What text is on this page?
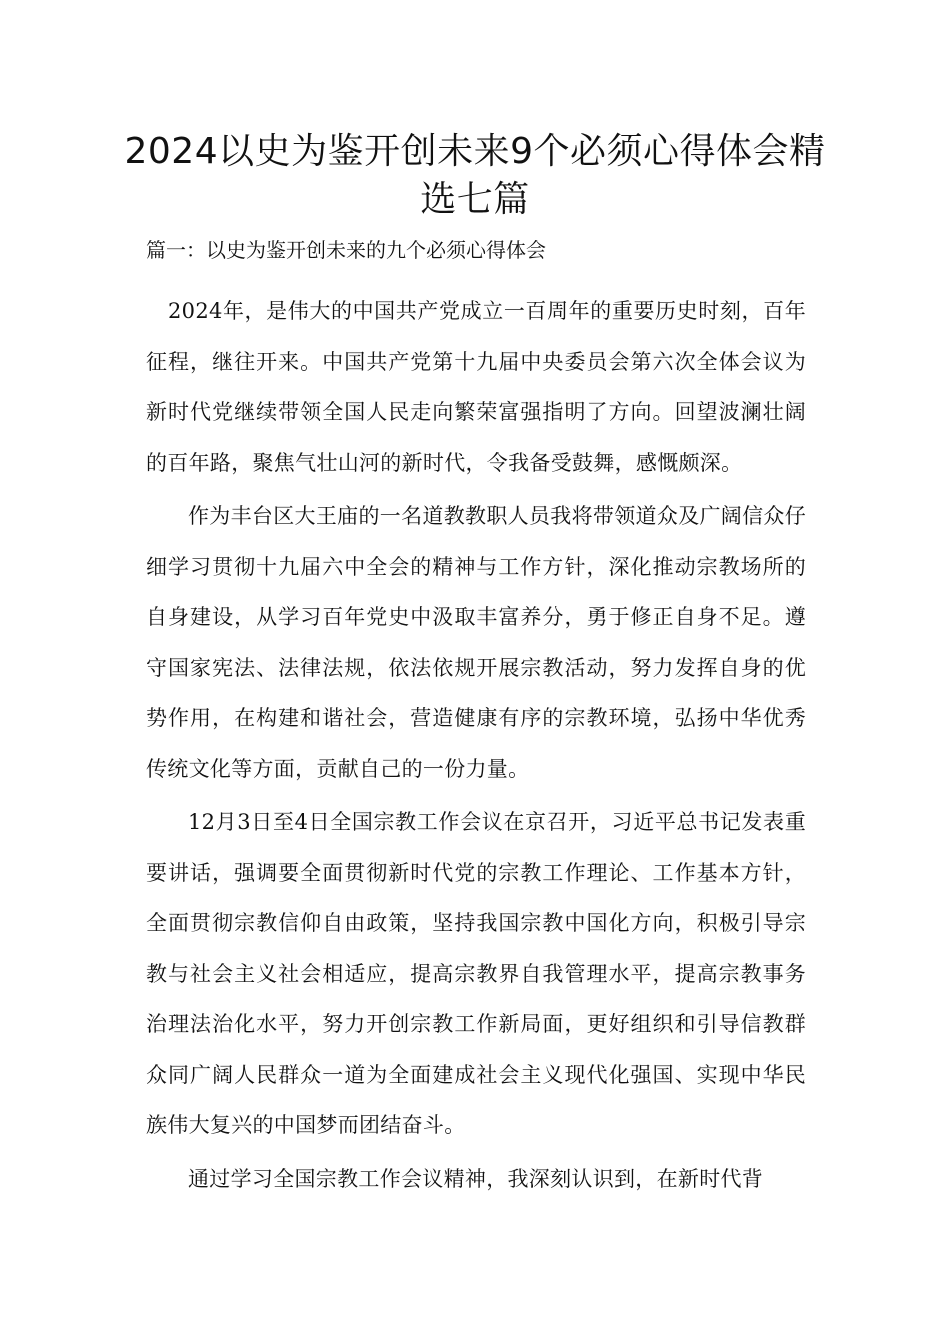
2024以史为鉴开创未来9个必须心得体会精选七篇

篇一：以史为鉴开创未来的九个必须心得体会

2024年，是伟大的中国共产党成立一百周年的重要历史时刻，百年征程，继往开来。中国共产党第十九届中央委员会第六次全体会议为新时代党继续带领全国人民走向繁荣富强指明了方向。回望波澜壮阔的百年路，聚焦气壮山河的新时代，令我备受鼓舞，感慨颇深。

作为丰台区大王庙的一名道教教职人员我将带领道众及广阔信众仔细学习贯彻十九届六中全会的精神与工作方针，深化推动宗教场所的自身建设，从学习百年党史中汲取丰富养分，勇于修正自身不足。遵守国家宪法、法律法规，依法依规开展宗教活动，努力发挥自身的优势作用，在构建和谐社会，营造健康有序的宗教环境，弘扬中华优秀传统文化等方面，贡献自己的一份力量。

12月3日至4日全国宗教工作会议在京召开，习近平总书记发表重要讲话，强调要全面贯彻新时代党的宗教工作理论、工作基本方针，全面贯彻宗教信仰自由政策，坚持我国宗教中国化方向，积极引导宗教与社会主义社会相适应，提高宗教界自我管理水平，提高宗教事务治理法治化水平，努力开创宗教工作新局面，更好组织和引导信教群众同广阔人民群众一道为全面建成社会主义现代化强国、实现中华民族伟大复兴的中国梦而团结奋斗。

通过学习全国宗教工作会议精神，我深刻认识到，在新时代背
